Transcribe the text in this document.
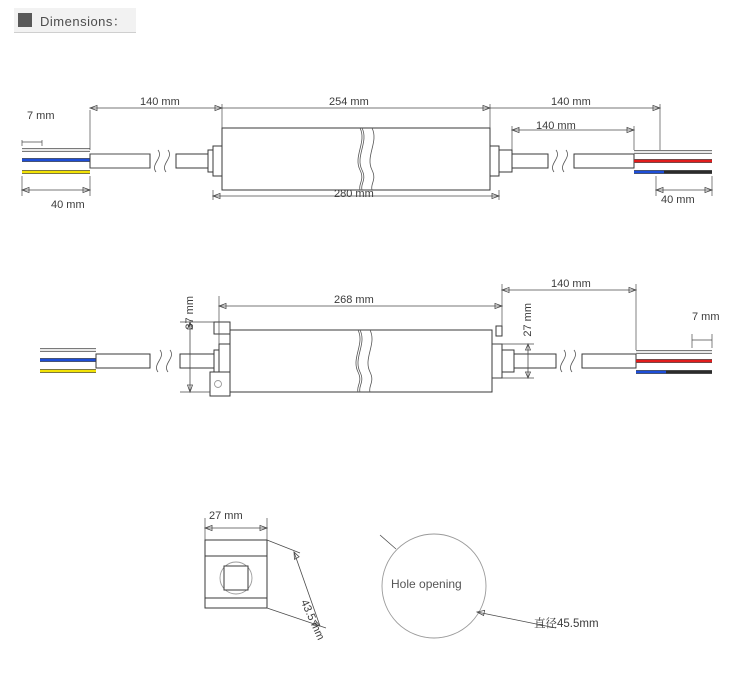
Dimensions：
140 mm	254 mm	140 mm
140 mm
280 mm
7 mm
40 mm	40 mm
37 mm	268 mm
140 mm
27 mm	7 mm
27 mm
43.5 mm
Hole opening
直径45.5mm
